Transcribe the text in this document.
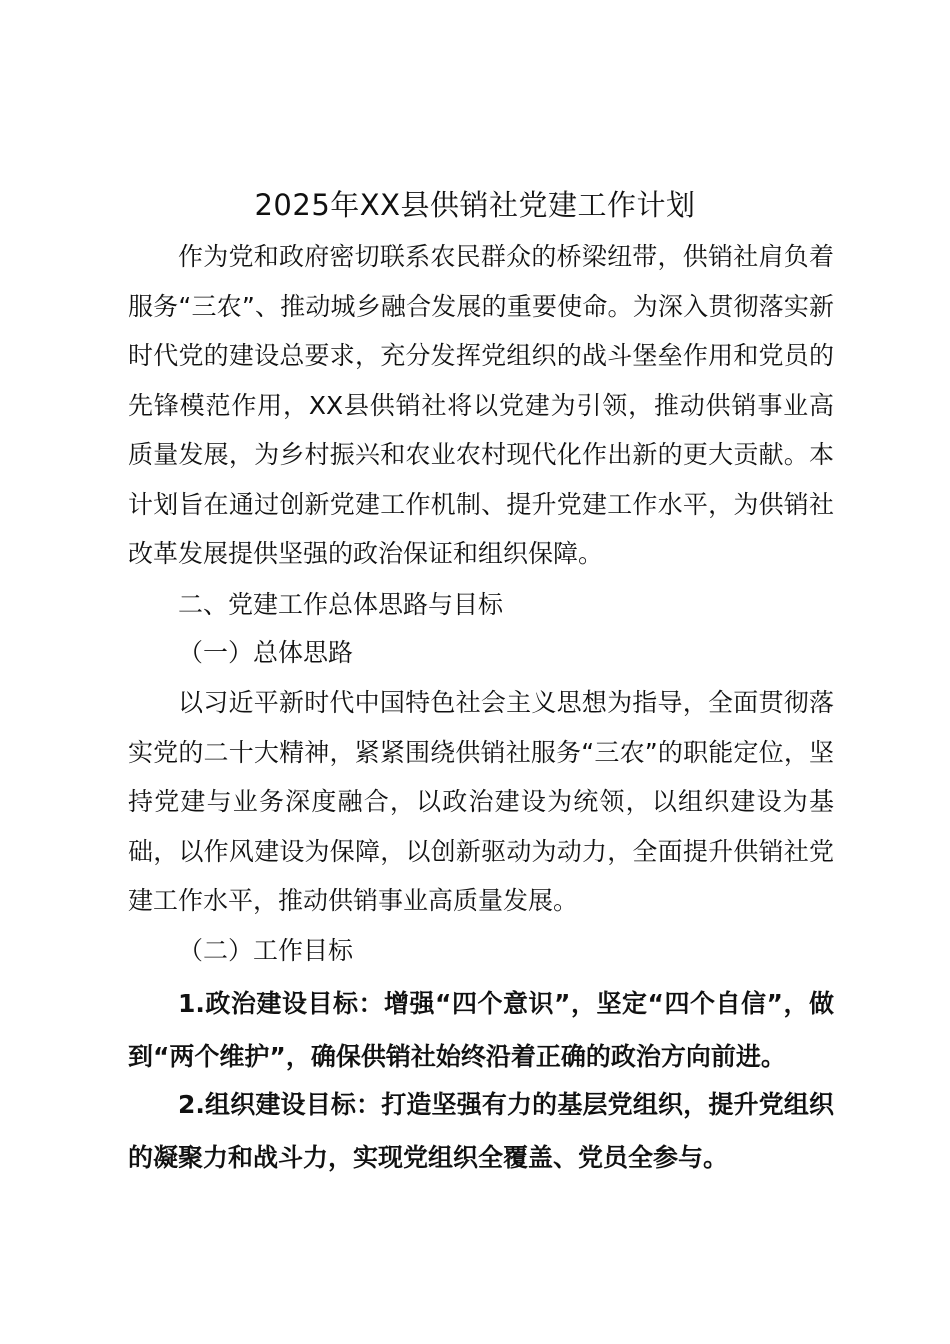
2025年XX县供销社党建工作计划

作为党和政府密切联系农民群众的桥梁纽带，供销社肩负着服务“三农”、推动城乡融合发展的重要使命。为深入贯彻落实新时代党的建设总要求，充分发挥党组织的战斗堡垒作用和党员的先锋模范作用，XX县供销社将以党建为引领，推动供销事业高质量发展，为乡村振兴和农业农村现代化作出新的更大贡献。本计划旨在通过创新党建工作机制、提升党建工作水平，为供销社改革发展提供坚强的政治保证和组织保障。

二、党建工作总体思路与目标

（一）总体思路

以习近平新时代中国特色社会主义思想为指导，全面贯彻落实党的二十大精神，紧紧围绕供销社服务“三农”的职能定位，坚持党建与业务深度融合，以政治建设为统领，以组织建设为基础，以作风建设为保障，以创新驱动为动力，全面提升供销社党建工作水平，推动供销事业高质量发展。

（二）工作目标

1.政治建设目标：增强“四个意识”，坚定“四个自信”，做到“两个维护”，确保供销社始终沿着正确的政治方向前进。

2.组织建设目标：打造坚强有力的基层党组织，提升党组织的凝聚力和战斗力，实现党组织全覆盖、党员全参与。
